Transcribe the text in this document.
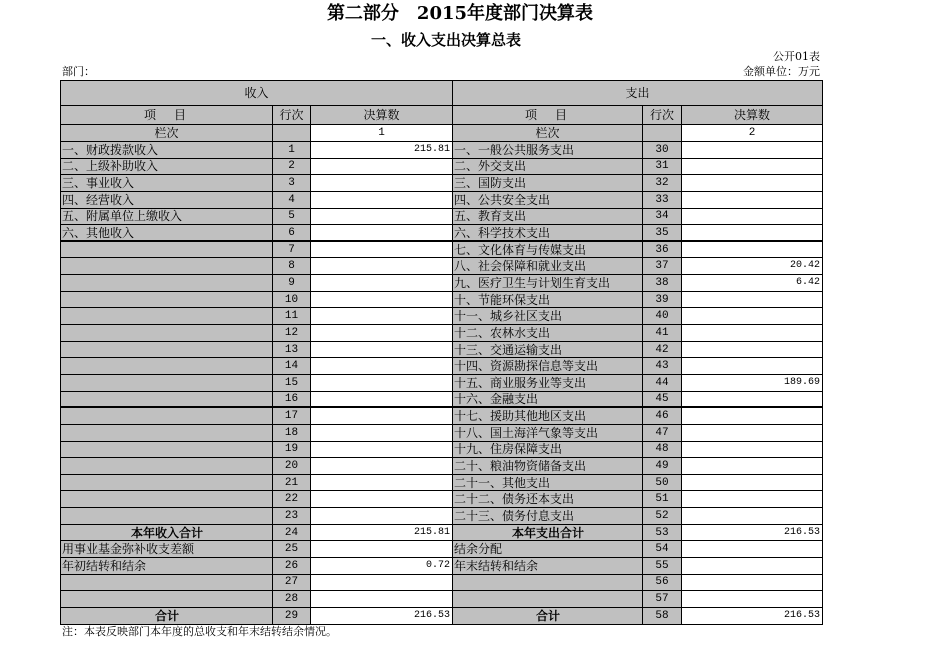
第二部分　2015年度部门决算表
一、收入支出决算总表
公开01表
部门：	金额单位：万元
收入	支出
项　目	行次	决算数	项　目	行次	决算数
栏次	1	栏次	2
一、财政拨款收入	1	215.81 一、一般公共服务支出	30
二、上级补助收入	2	二、外交支出	31
三、事业收入	3	三、国防支出	32
四、经营收入	4	四、公共安全支出	33
五、附属单位上缴收入	5	五、教育支出	34
六、其他收入	6	六、科学技术支出	35
7	七、文化体育与传媒支出	36
8	八、社会保障和就业支出	37	20.42
9	九、医疗卫生与计划生育支出	38	6.42
10	十、节能环保支出	39
11	十一、城乡社区支出	40
12	十二、农林水支出	41
13	十三、交通运输支出	42
14	十四、资源勘探信息等支出	43
15	十五、商业服务业等支出	44	189.69
16	十六、金融支出	45
17	十七、援助其他地区支出	46
18	十八、国土海洋气象等支出	47
19	十九、住房保障支出	48
20	二十、粮油物资储备支出	49
21	二十一、其他支出	50
22	二十二、债务还本支出	51
23	二十三、债务付息支出	52
本年收入合计	24	215.81	本年支出合计	53	216.53
用事业基金弥补收支差额	25	结余分配	54
年初结转和结余	26	0.72 年末结转和结余	55
27	56
28	57
合计	29	216.53	合计	58	216.53
注：本表反映部门本年度的总收支和年末结转结余情况。
